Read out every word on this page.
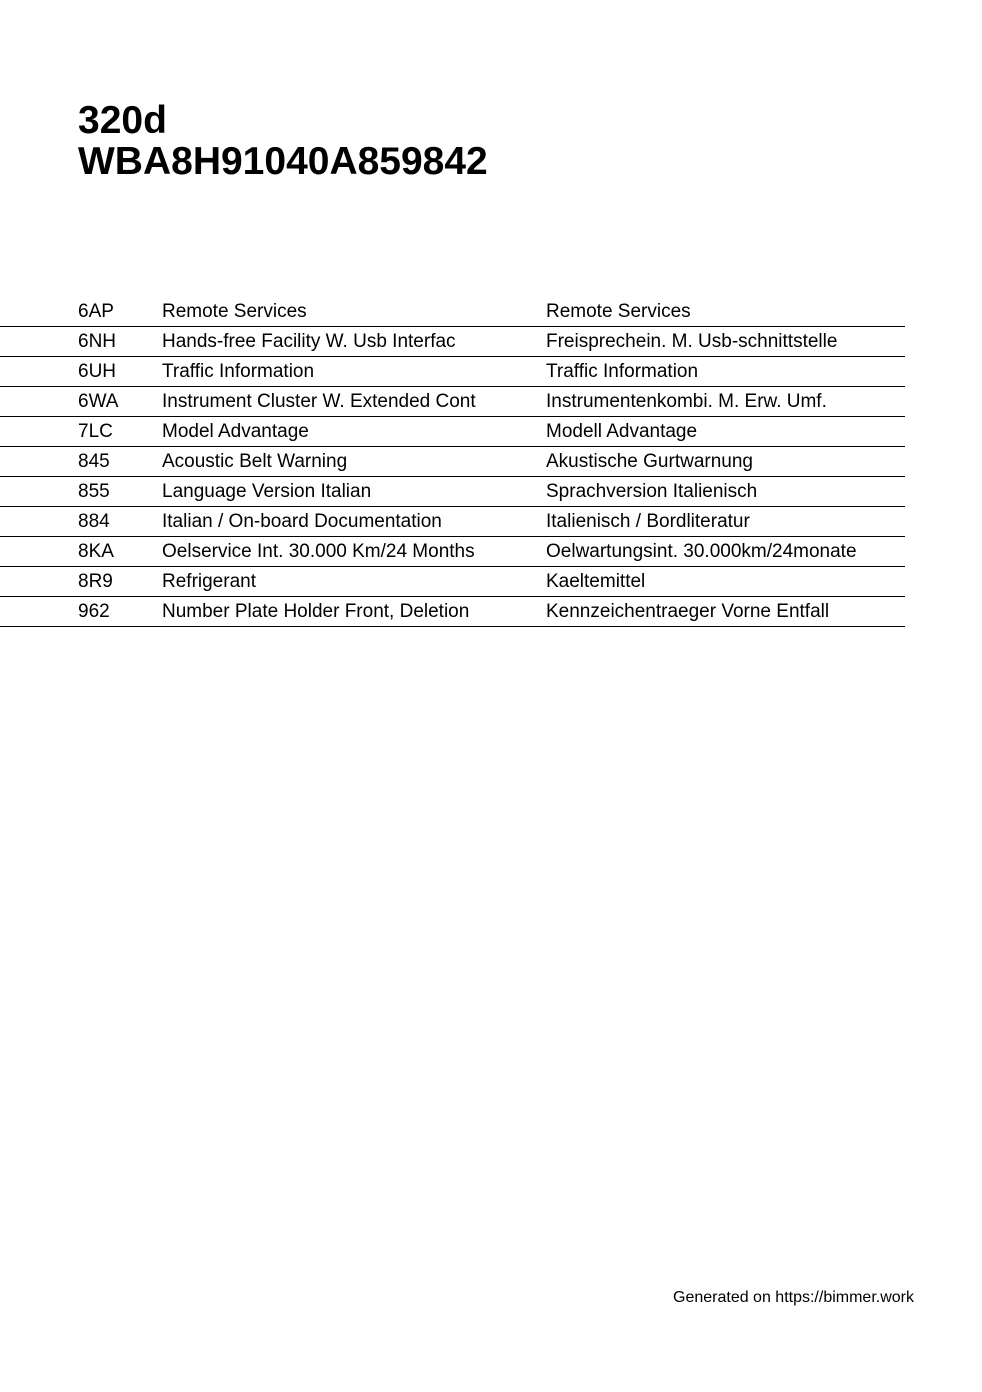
320d
WBA8H91040A859842
6AP	Remote Services	Remote Services
6NH Hands-free Facility W. Usb Interfac	Freisprechein. M. Usb-schnittstelle
6UH Traffic Information	Traffic Information
6WA Instrument Cluster W. Extended Cont	Instrumentenkombi. M. Erw. Umf.
7LC	Model Advantage	Modell Advantage
845	Acoustic Belt Warning	Akustische Gurtwarnung
855	Language Version Italian	Sprachversion Italienisch
884	Italian / On-board Documentation	Italienisch / Bordliteratur
8KA	Oelservice Int. 30.000 Km/24 Months	Oelwartungsint. 30.000km/24monate
8R9	Refrigerant	Kaeltemittel
962	Number Plate Holder Front, Deletion	Kennzeichentraeger Vorne Entfall
Generated on https://bimmer.work
